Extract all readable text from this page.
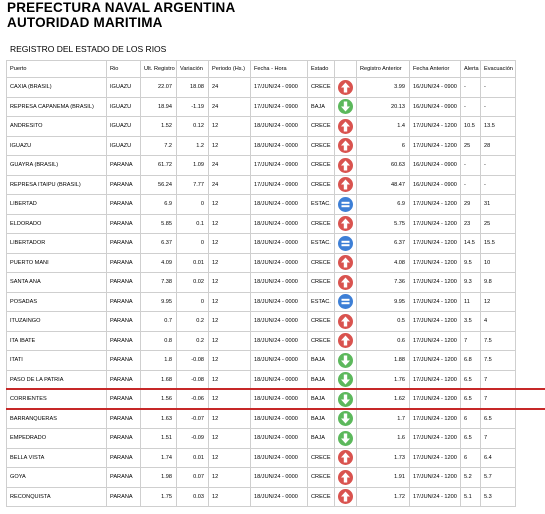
PREFECTURA NAVAL ARGENTINA
AUTORIDAD MARITIMA
REGISTRO DEL ESTADO DE LOS RIOS
Puerto	Rio	Ult. Registro	Variación	Periodo (Hs.)	Fecha - Hora	Estado		Registro Anterior	Fecha Anterior	Alerta	Evacuación
CAXIA (BRASIL)	IGUAZU	22.07	18.08	24	17/JUN/24 - 0900	CRECE		3.99	16/JUN/24 - 0900	-	-
REPRESA CAPANEMA (BRASIL)	IGUAZU	18.94	-1.19	24	17/JUN/24 - 0900	BAJA		20.13	16/JUN/24 - 0900	-	-
ANDRESITO	IGUAZU	1.52	0.12	12	18/JUN/24 - 0000	CRECE		1.4	17/JUN/24 - 1200	10.5	13.5
IGUAZU	IGUAZU	7.2	1.2	12	18/JUN/24 - 0000	CRECE		6	17/JUN/24 - 1200	25	28
GUAYRA (BRASIL)	PARANA	61.72	1.09	24	17/JUN/24 - 0900	CRECE		60.63	16/JUN/24 - 0900	-	-
REPRESA ITAIPU (BRASIL)	PARANA	56.24	7.77	24	17/JUN/24 - 0900	CRECE		48.47	16/JUN/24 - 0900	-	-
LIBERTAD	PARANA	6.9	0	12	18/JUN/24 - 0000	ESTAC.		6.9	17/JUN/24 - 1200	29	31
ELDORADO	PARANA	5.85	0.1	12	18/JUN/24 - 0000	CRECE		5.75	17/JUN/24 - 1200	23	25
LIBERTADOR	PARANA	6.37	0	12	18/JUN/24 - 0000	ESTAC.		6.37	17/JUN/24 - 1200	14.5	15.5
PUERTO MANI	PARANA	4.09	0.01	12	18/JUN/24 - 0000	CRECE		4.08	17/JUN/24 - 1200	9.5	10
SANTA ANA	PARANA	7.38	0.02	12	18/JUN/24 - 0000	CRECE		7.36	17/JUN/24 - 1200	9.3	9.8
POSADAS	PARANA	9.95	0	12	18/JUN/24 - 0000	ESTAC.		9.95	17/JUN/24 - 1200	11	12
ITUZAINGO	PARANA	0.7	0.2	12	18/JUN/24 - 0000	CRECE		0.5	17/JUN/24 - 1200	3.5	4
ITA IBATE	PARANA	0.8	0.2	12	18/JUN/24 - 0000	CRECE		0.6	17/JUN/24 - 1200	7	7.5
ITATI	PARANA	1.8	-0.08	12	18/JUN/24 - 0000	BAJA		1.88	17/JUN/24 - 1200	6.8	7.5
PASO DE LA PATRIA	PARANA	1.68	-0.08	12	18/JUN/24 - 0000	BAJA		1.76	17/JUN/24 - 1200	6.5	7
CORRIENTES	PARANA	1.56	-0.06	12	18/JUN/24 - 0000	BAJA		1.62	17/JUN/24 - 1200	6.5	7
BARRANQUERAS	PARANA	1.63	-0.07	12	18/JUN/24 - 0000	BAJA		1.7	17/JUN/24 - 1200	6	6.5
EMPEDRADO	PARANA	1.51	-0.09	12	18/JUN/24 - 0000	BAJA		1.6	17/JUN/24 - 1200	6.5	7
BELLA VISTA	PARANA	1.74	0.01	12	18/JUN/24 - 0000	CRECE		1.73	17/JUN/24 - 1200	6	6.4
GOYA	PARANA	1.98	0.07	12	18/JUN/24 - 0000	CRECE		1.91	17/JUN/24 - 1200	5.2	5.7
RECONQUISTA	PARANA	1.75	0.03	12	18/JUN/24 - 0000	CRECE		1.72	17/JUN/24 - 1200	5.1	5.3
